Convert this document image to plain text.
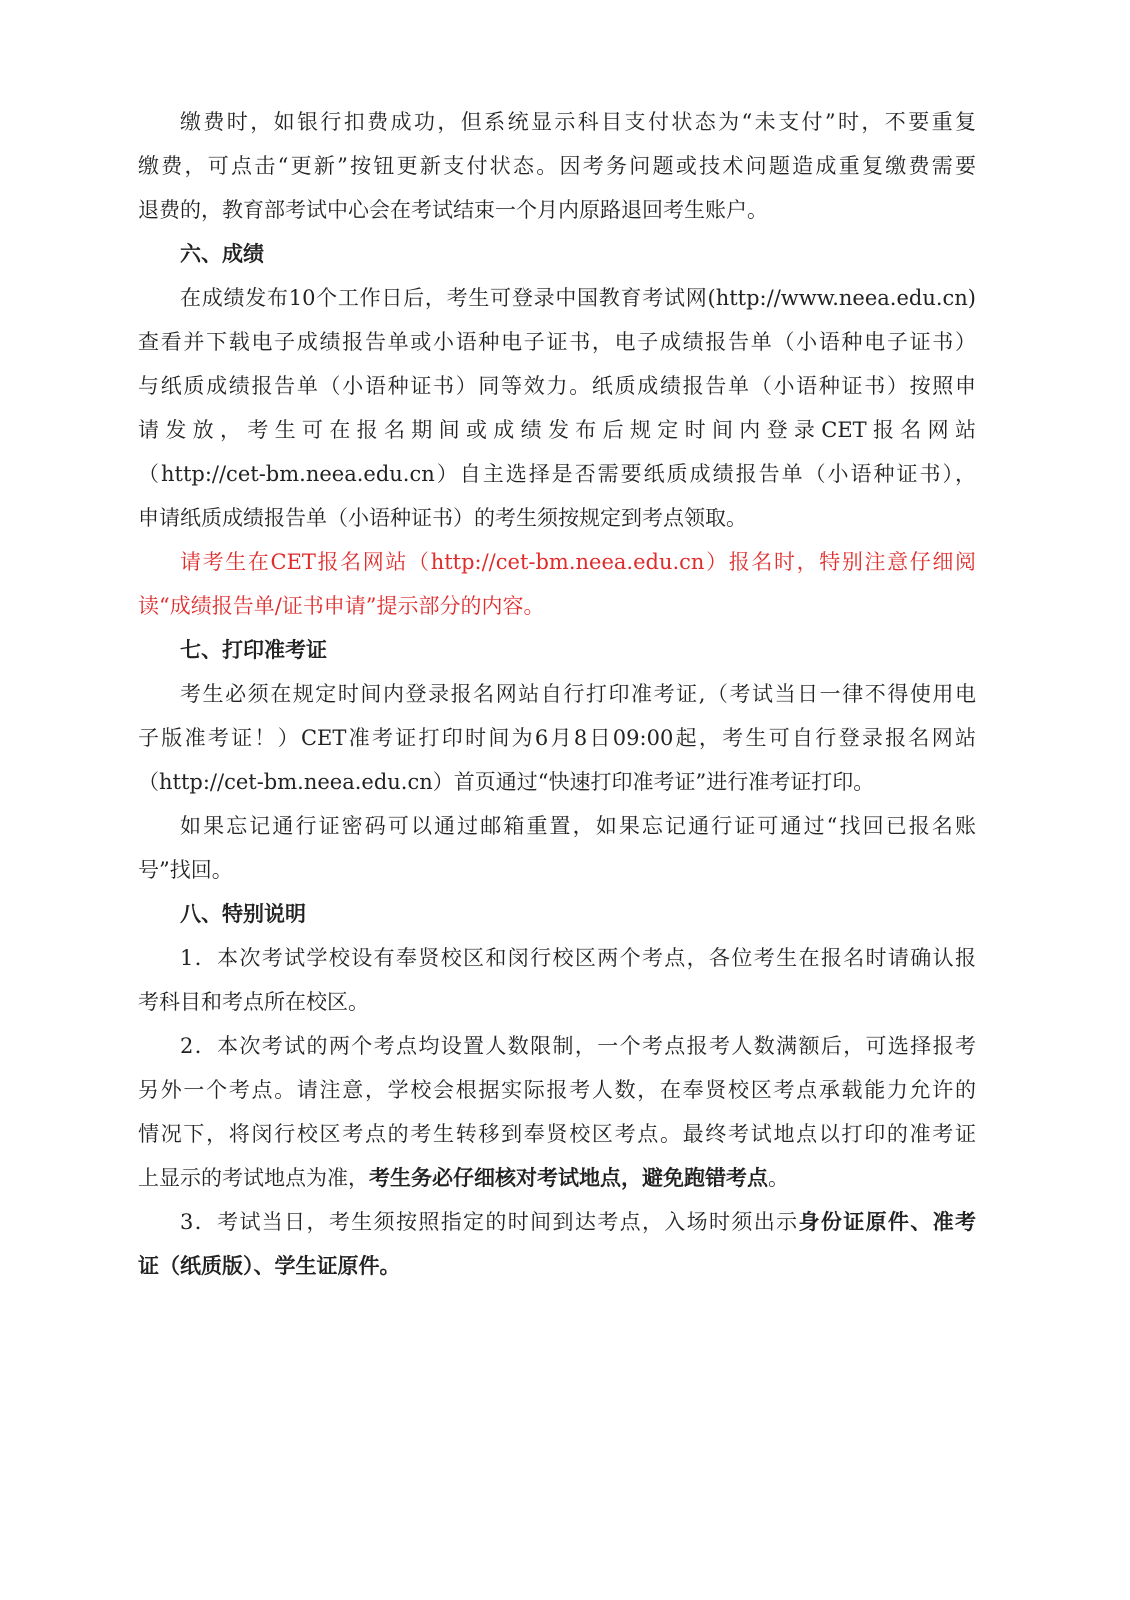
缴费时，如银行扣费成功，但系统显示科目支付状态为“未支付”时，不要重复
缴费，可点击“更新”按钮更新支付状态。因考务问题或技术问题造成重复缴费需要
退费的，教育部考试中心会在考试结束一个月内原路退回考生账户。
六、成绩
在成绩发布10个工作日后，考生可登录中国教育考试网(http://www.neea.edu.cn)
查看并下载电子成绩报告单或小语种电子证书，电子成绩报告单（小语种电子证书）
与纸质成绩报告单（小语种证书）同等效力。纸质成绩报告单（小语种证书）按照申
请发放，考生可在报名期间或成绩发布后规定时间内登录CET报名网站
（http://cet-bm.neea.edu.cn）自主选择是否需要纸质成绩报告单（小语种证书），
申请纸质成绩报告单（小语种证书）的考生须按规定到考点领取。
请考生在CET报名网站（http://cet-bm.neea.edu.cn）报名时，特别注意仔细阅
读“成绩报告单/证书申请”提示部分的内容。
七、打印准考证
考生必须在规定时间内登录报名网站自行打印准考证,（考试当日一律不得使用电
子版准考证！）CET准考证打印时间为6月8日09:00起，考生可自行登录报名网站
（http://cet-bm.neea.edu.cn）首页通过“快速打印准考证”进行准考证打印。
如果忘记通行证密码可以通过邮箱重置，如果忘记通行证可通过“找回已报名账
号”找回。
八、特别说明
1．本次考试学校设有奉贤校区和闵行校区两个考点，各位考生在报名时请确认报
考科目和考点所在校区。
2．本次考试的两个考点均设置人数限制，一个考点报考人数满额后，可选择报考
另外一个考点。请注意，学校会根据实际报考人数，在奉贤校区考点承载能力允许的
情况下，将闵行校区考点的考生转移到奉贤校区考点。最终考试地点以打印的准考证
上显示的考试地点为准，考生务必仔细核对考试地点，避免跑错考点。
3．考试当日，考生须按照指定的时间到达考点，入场时须出示身份证原件、准考
证（纸质版）、学生证原件。
